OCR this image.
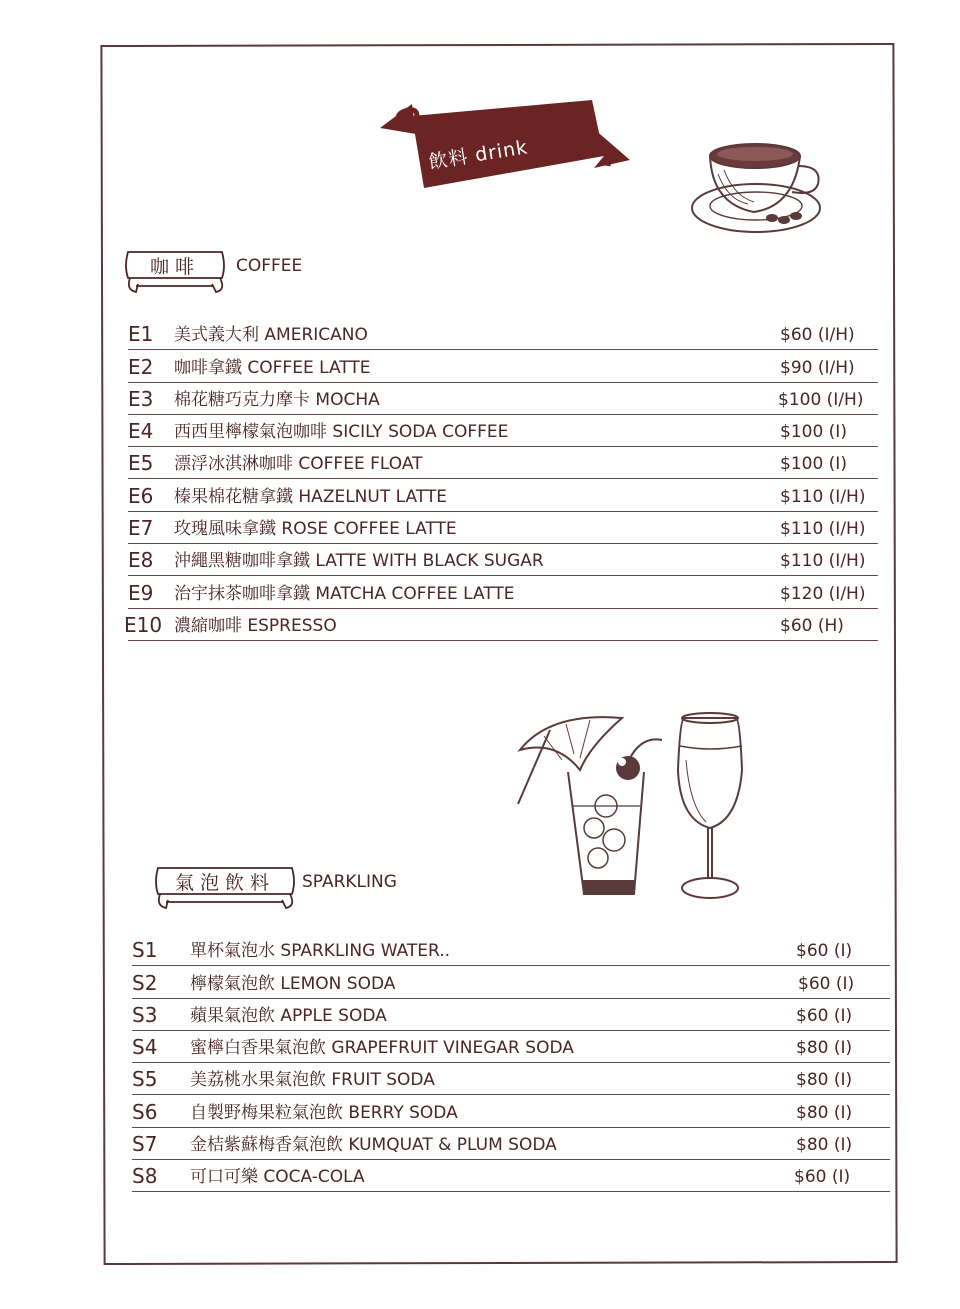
飲料 drink
咖啡	COFFEE
E1 美式義大利 AMERICANO	$60 (I/H)
E2 咖啡拿鐵 COFFEE LATTE	$90 (I/H)
E3 棉花糖巧克力摩卡 MOCHA	$100 (I/H)
E4 西西里檸檬氣泡咖啡 SICILY SODA COFFEE	$100 (I)
E5 漂浮冰淇淋咖啡 COFFEE FLOAT	$100 (I)
E6 榛果棉花糖拿鐵 HAZELNUT LATTE	$110 (I/H)
E7 玫瑰風味拿鐵 ROSE COFFEE LATTE	$110 (I/H)
E8 沖繩黑糖咖啡拿鐵 LATTE WITH BLACK SUGAR	$110 (I/H)
E9 治宇抹茶咖啡拿鐵 MATCHA COFFEE LATTE	$120 (I/H)
E10 濃縮咖啡 ESPRESSO	$60 (H)
氣泡飲料	SPARKLING
S1 單杯氣泡水 SPARKLING WATER..	$60 (I)
S2 檸檬氣泡飲 LEMON SODA	$60 (I)
S3 蘋果氣泡飲 APPLE SODA	$60 (I)
S4 蜜檸白香果氣泡飲 GRAPEFRUIT VINEGAR SODA	$80 (I)
S5 美荔桃水果氣泡飲 FRUIT SODA	$80 (I)
S6 自製野梅果粒氣泡飲 BERRY SODA	$80 (I)
S7 金桔紫蘇梅香氣泡飲 KUMQUAT & PLUM SODA	$80 (I)
S8 可口可樂 COCA-COLA	$60 (I)
